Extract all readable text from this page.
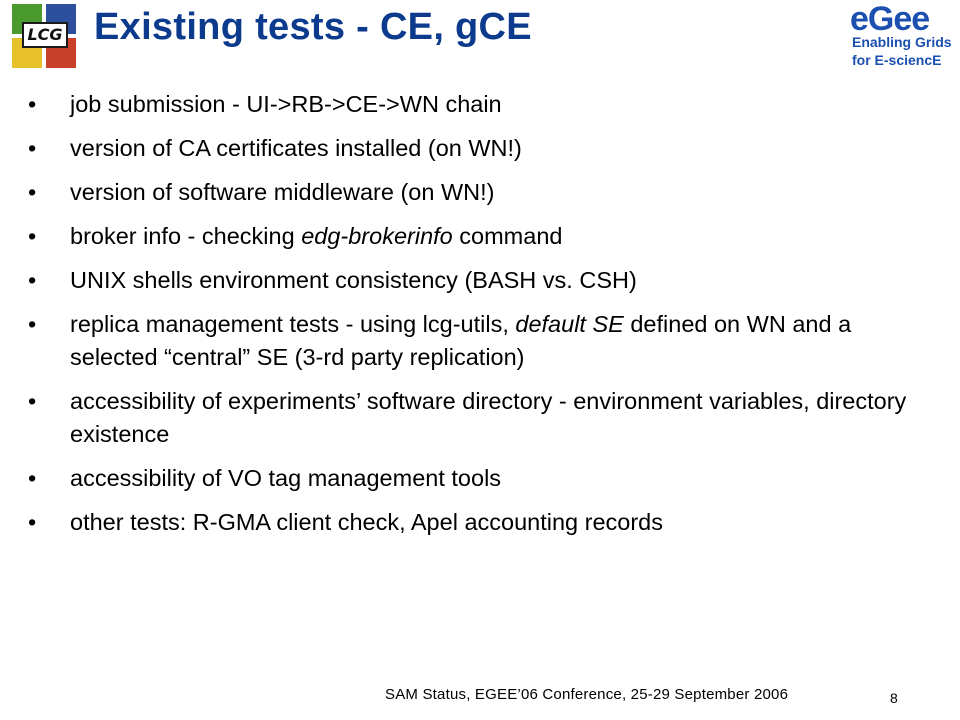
LCG Existing tests - CE, gCE	eGee
Enabling Grids
for E-sciencE
• job submission - UI->RB->CE->WN chain
• version of CA certificates installed (on WN!)
• version of software middleware (on WN!)
• broker info - checking edg-brokerinfo command
• UNIX shells environment consistency (BASH vs. CSH)
• replica management tests - using lcg-utils, default SE defined on WN and a selected “central” SE (3-rd party replication)
• accessibility of experiments’ software directory - environment variables, directory existence
• accessibility of VO tag management tools
• other tests: R-GMA client check, Apel accounting records
SAM Status, EGEE’06 Conference, 25-29 September 2006	8
